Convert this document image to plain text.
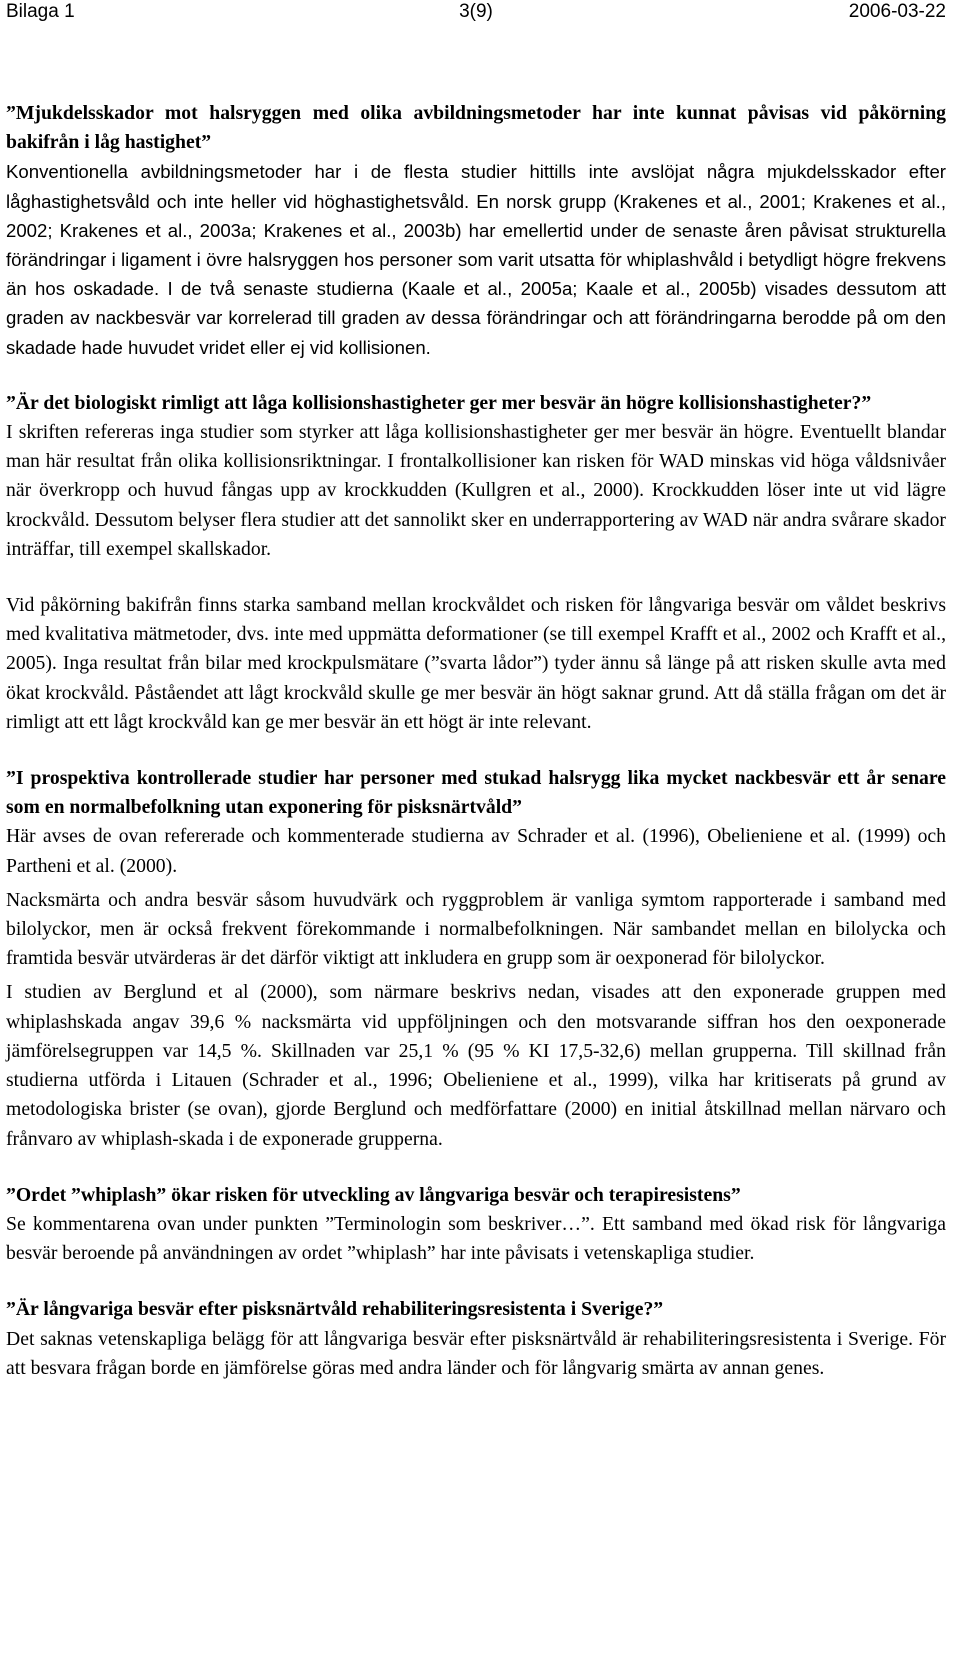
Bilaga 1	3(9)	2006-03-22
”Mjukdelsskador mot halsryggen med olika avbildningsmetoder har inte kunnat påvisas vid påkörning bakifrån i låg hastighet”

Konventionella avbildningsmetoder har i de flesta studier hittills inte avslöjat några mjukdelsskador efter låghastighetsvåld och inte heller vid höghastighetsvåld. En norsk grupp (Krakenes et al., 2001; Krakenes et al., 2002; Krakenes et al., 2003a; Krakenes et al., 2003b) har emellertid under de senaste åren påvisat strukturella förändringar i ligament i övre halsryggen hos personer som varit utsatta för whiplashvåld i betydligt högre frekvens än hos oskadade. I de två senaste studierna (Kaale et al., 2005a; Kaale et al., 2005b) visades dessutom att graden av nackbesvär var korrelerad till graden av dessa förändringar och att förändringarna berodde på om den skadade hade huvudet vridet eller ej vid kollisionen.

”Är det biologiskt rimligt att låga kollisionshastigheter ger mer besvär än högre kollisionshastigheter?”

I skriften refereras inga studier som styrker att låga kollisionshastigheter ger mer besvär än högre. Eventuellt blandar man här resultat från olika kollisionsriktningar. I frontalkollisioner kan risken för WAD minskas vid höga våldsnivåer när överkropp och huvud fångas upp av krockkudden (Kullgren et al., 2000). Krockkudden löser inte ut vid lägre krockvåld. Dessutom belyser flera studier att det sannolikt sker en underrapportering av WAD när andra svårare skador inträffar, till exempel skallskador.

Vid påkörning bakifrån finns starka samband mellan krockvåldet och risken för långvariga besvär om våldet beskrivs med kvalitativa mätmetoder, dvs. inte med uppmätta deformationer (se till exempel Krafft et al., 2002 och Krafft et al., 2005). Inga resultat från bilar med krockpulsmätare (”svarta lådor”) tyder ännu så länge på att risken skulle avta med ökat krockvåld. Påståendet att lågt krockvåld skulle ge mer besvär än högt saknar grund. Att då ställa frågan om det är rimligt att ett lågt krockvåld kan ge mer besvär än ett högt är inte relevant.

”I prospektiva kontrollerade studier har personer med stukad halsrygg lika mycket nackbesvär ett år senare som en normalbefolkning utan exponering för pisksnärtvåld”

Här avses de ovan refererade och kommenterade studierna av Schrader et al. (1996), Obelieniene et al. (1999) och Partheni et al. (2000).

Nacksmärta och andra besvär såsom huvudvärk och ryggproblem är vanliga symtom rapporterade i samband med bilolyckor, men är också frekvent förekommande i normalbefolkningen. När sambandet mellan en bilolycka och framtida besvär utvärderas är det därför viktigt att inkludera en grupp som är oexponerad för bilolyckor.

I studien av Berglund et al (2000), som närmare beskrivs nedan, visades att den exponerade gruppen med whiplashskada angav 39,6 % nacksmärta vid uppföljningen och den motsvarande siffran hos den oexponerade jämförelsegruppen var 14,5 %. Skillnaden var 25,1 % (95 % KI 17,5-32,6) mellan grupperna. Till skillnad från studierna utförda i Litauen (Schrader et al., 1996; Obelieniene et al., 1999), vilka har kritiserats på grund av metodologiska brister (se ovan), gjorde Berglund och medförfattare (2000) en initial åtskillnad mellan närvaro och frånvaro av whiplash-skada i de exponerade grupperna.

”Ordet ”whiplash” ökar risken för utveckling av långvariga besvär och terapiresistens”

Se kommentarena ovan under punkten ”Terminologin som beskriver…”. Ett samband med ökad risk för långvariga besvär beroende på användningen av ordet ”whiplash” har inte påvisats i vetenskapliga studier.

”Är långvariga besvär efter pisksnärtvåld rehabiliteringsresistenta i Sverige?”

Det saknas vetenskapliga belägg för att långvariga besvär efter pisksnärtvåld är rehabiliteringsresistenta i Sverige. För att besvara frågan borde en jämförelse göras med andra länder och för långvarig smärta av annan genes.
